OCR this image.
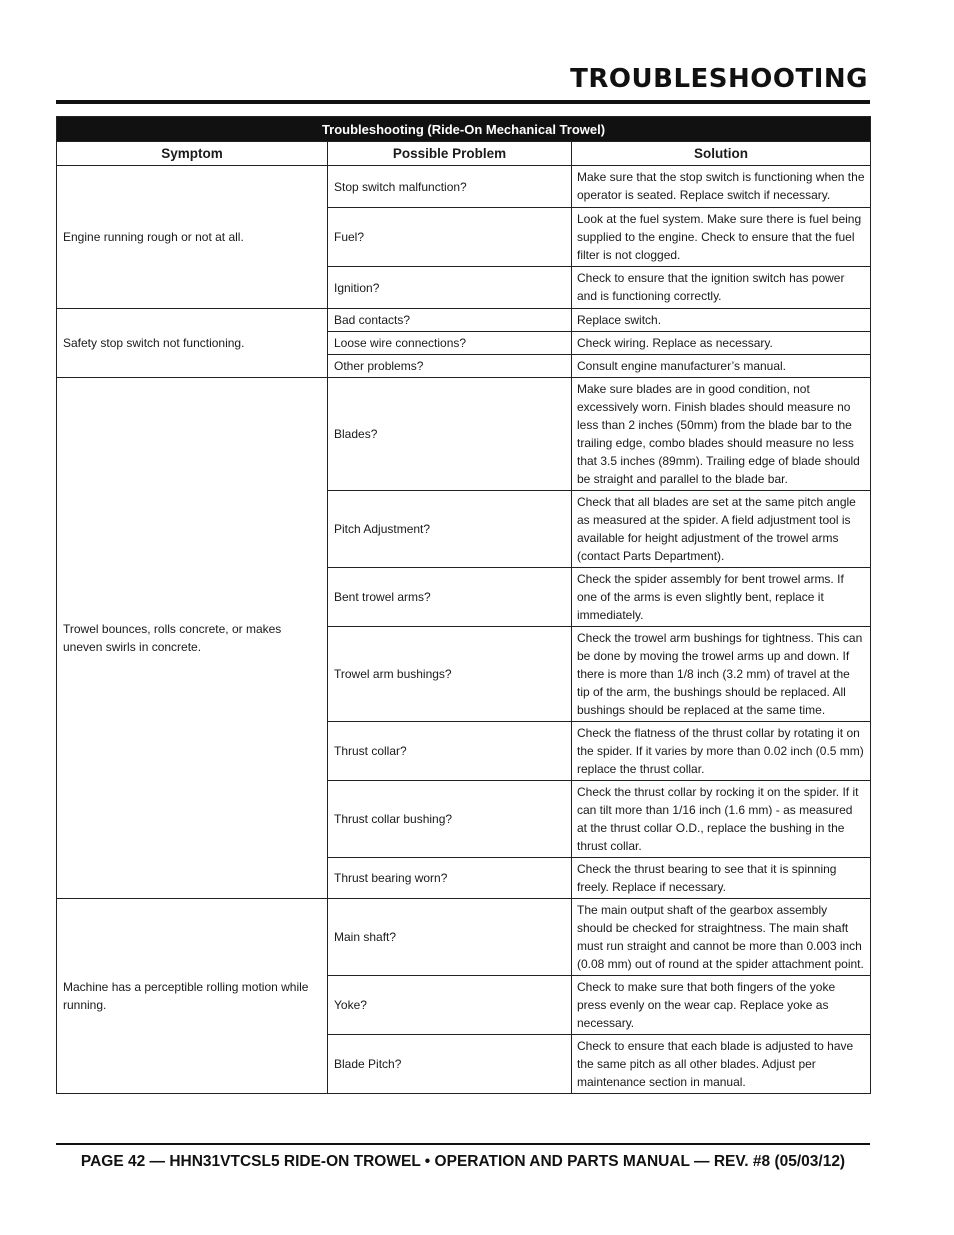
TROUBLESHOOTING
Troubleshooting (Ride-On Mechanical Trowel)		
Symptom	Possible Problem	Solution
Engine running rough or not at all.	Stop switch malfunction?	Make sure that the stop switch is functioning when the operator is seated. Replace switch if necessary.
	Fuel?	Look at the fuel system. Make sure there is fuel being supplied to the engine. Check to ensure that the fuel filter is not clogged.
	Ignition?	Check to ensure that the ignition switch has power and is functioning correctly.
Safety stop switch not functioning.	Bad contacts?	Replace switch.
	Loose wire connections?	Check wiring. Replace as necessary.
	Other problems?	Consult engine manufacturer’s manual.
Trowel bounces, rolls concrete, or makes uneven swirls in concrete.	Blades?	Make sure blades are in good condition, not excessively worn. Finish blades should measure no less than 2 inches (50mm) from the blade bar to the trailing edge, combo blades should measure no less that 3.5 inches (89mm). Trailing edge of blade should be straight and parallel to the blade bar.
	Pitch Adjustment?	Check that all blades are set at the same pitch angle as measured at the spider. A field adjustment tool is available for height adjustment of the trowel arms (contact Parts Department).
	Bent trowel arms?	Check the spider assembly for bent trowel arms. If one of the arms is even slightly bent, replace it immediately.
	Trowel arm bushings?	Check the trowel arm bushings for tightness. This can be done by moving the trowel arms up and down. If there is more than 1/8 inch (3.2 mm) of travel at the tip of the arm, the bushings should be replaced. All bushings should be replaced at the same time.
	Thrust collar?	Check the flatness of the thrust collar by rotating it on the spider. If it varies by more than 0.02 inch (0.5 mm) replace the thrust collar.
	Thrust collar bushing?	Check the thrust collar by rocking it on the spider. If it can tilt more than 1/16 inch (1.6 mm) - as measured at the thrust collar O.D., replace the bushing in the thrust collar.
	Thrust bearing worn?	Check the thrust bearing to see that it is spinning freely. Replace if necessary.
Machine has a perceptible rolling motion while running.	Main shaft?	The main output shaft of the gearbox assembly should be checked for straightness. The main shaft must run straight and cannot be more than 0.003 inch (0.08 mm) out of round at the spider attachment point.
	Yoke?	Check to make sure that both fingers of the yoke press evenly on the wear cap. Replace yoke as necessary.
	Blade Pitch?	Check to ensure that each blade is adjusted to have the same pitch as all other blades. Adjust per maintenance section in manual.

PAGE 42 — HHN31VTCSL5 RIDE-ON TROWEL • OPERATION AND PARTS MANUAL — REV. #8 (05/03/12)
